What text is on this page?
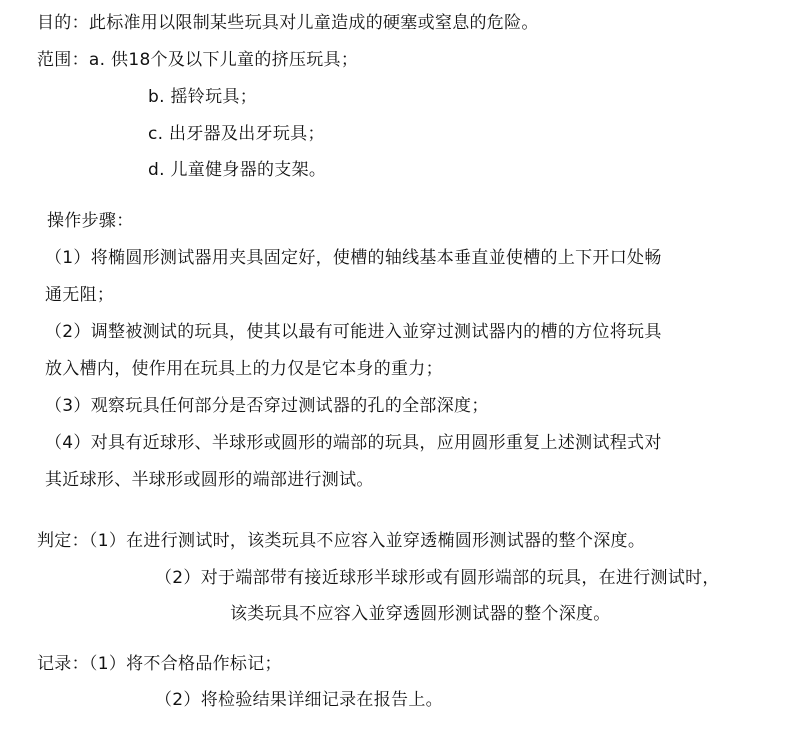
目的：此标准用以限制某些玩具对儿童造成的硬塞或窒息的危险。
范围：a. 供18个及以下儿童的挤压玩具；
b. 摇铃玩具；
c. 出牙器及出牙玩具；
d. 儿童健身器的支架。
操作步骤：
（1）将椭圆形测试器用夹具固定好，使槽的轴线基本垂直並使槽的上下开口处畅
通无阻；
（2）调整被测试的玩具，使其以最有可能进入並穿过测试器内的槽的方位将玩具
放入槽内，使作用在玩具上的力仅是它本身的重力；
（3）观察玩具任何部分是否穿过测试器的孔的全部深度；
（4）对具有近球形、半球形或圆形的端部的玩具，应用圆形重复上述测试程式对
其近球形、半球形或圆形的端部进行测试。
判定：（1）在进行测试时，该类玩具不应容入並穿透椭圆形测试器的整个深度。
（2）对于端部带有接近球形半球形或有圆形端部的玩具，在进行测试时，
该类玩具不应容入並穿透圆形测试器的整个深度。
记录：（1）将不合格品作标记；
（2）将检验结果详细记录在报告上。
